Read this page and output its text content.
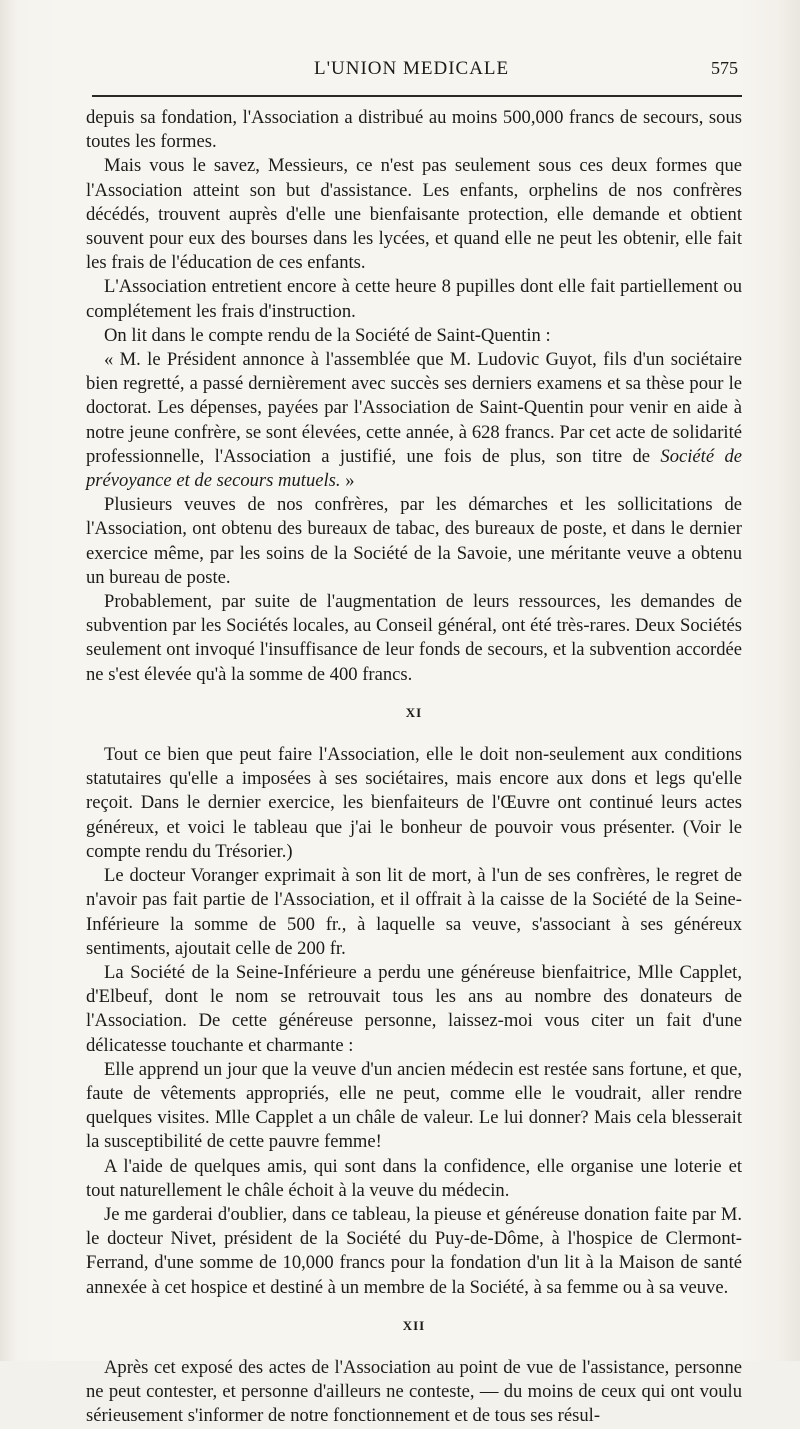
L'UNION MEDICALE	575

depuis sa fondation, l'Association a distribué au moins 500,000 francs de secours, sous toutes les formes.

Mais vous le savez, Messieurs, ce n'est pas seulement sous ces deux formes que l'Association atteint son but d'assistance. Les enfants, orphelins de nos confrères décédés, trouvent auprès d'elle une bienfaisante protection, elle demande et obtient souvent pour eux des bourses dans les lycées, et quand elle ne peut les obtenir, elle fait les frais de l'éducation de ces enfants.

L'Association entretient encore à cette heure 8 pupilles dont elle fait partiellement ou complétement les frais d'instruction.

On lit dans le compte rendu de la Société de Saint-Quentin :

« M. le Président annonce à l'assemblée que M. Ludovic Guyot, fils d'un sociétaire bien regretté, a passé dernièrement avec succès ses derniers examens et sa thèse pour le doctorat. Les dépenses, payées par l'Association de Saint-Quentin pour venir en aide à notre jeune confrère, se sont élevées, cette année, à 628 francs. Par cet acte de solidarité professionnelle, l'Association a justifié, une fois de plus, son titre de Société de prévoyance et de secours mutuels. »

Plusieurs veuves de nos confrères, par les démarches et les sollicitations de l'Association, ont obtenu des bureaux de tabac, des bureaux de poste, et dans le dernier exercice même, par les soins de la Société de la Savoie, une méritante veuve a obtenu un bureau de poste.

Probablement, par suite de l'augmentation de leurs ressources, les demandes de subvention par les Sociétés locales, au Conseil général, ont été très-rares. Deux Sociétés seulement ont invoqué l'insuffisance de leur fonds de secours, et la subvention accordée ne s'est élevée qu'à la somme de 400 francs.

XI

Tout ce bien que peut faire l'Association, elle le doit non-seulement aux conditions statutaires qu'elle a imposées à ses sociétaires, mais encore aux dons et legs qu'elle reçoit. Dans le dernier exercice, les bienfaiteurs de l'Œuvre ont continué leurs actes généreux, et voici le tableau que j'ai le bonheur de pouvoir vous présenter. (Voir le compte rendu du Trésorier.)

Le docteur Voranger exprimait à son lit de mort, à l'un de ses confrères, le regret de n'avoir pas fait partie de l'Association, et il offrait à la caisse de la Société de la Seine-Inférieure la somme de 500 fr., à laquelle sa veuve, s'associant à ses généreux sentiments, ajoutait celle de 200 fr.

La Société de la Seine-Inférieure a perdu une généreuse bienfaitrice, Mlle Capplet, d'Elbeuf, dont le nom se retrouvait tous les ans au nombre des donateurs de l'Association. De cette généreuse personne, laissez-moi vous citer un fait d'une délicatesse touchante et charmante :

Elle apprend un jour que la veuve d'un ancien médecin est restée sans fortune, et que, faute de vêtements appropriés, elle ne peut, comme elle le voudrait, aller rendre quelques visites. Mlle Capplet a un châle de valeur. Le lui donner? Mais cela blesserait la susceptibilité de cette pauvre femme!

A l'aide de quelques amis, qui sont dans la confidence, elle organise une loterie et tout naturellement le châle échoit à la veuve du médecin.

Je me garderai d'oublier, dans ce tableau, la pieuse et généreuse donation faite par M. le docteur Nivet, président de la Société du Puy-de-Dôme, à l'hospice de Clermont-Ferrand, d'une somme de 10,000 francs pour la fondation d'un lit à la Maison de santé annexée à cet hospice et destiné à un membre de la Société, à sa femme ou à sa veuve.

XII

Après cet exposé des actes de l'Association au point de vue de l'assistance, personne ne peut contester, et personne d'ailleurs ne conteste, — du moins de ceux qui ont voulu sérieusement s'informer de notre fonctionnement et de tous ses résul-
